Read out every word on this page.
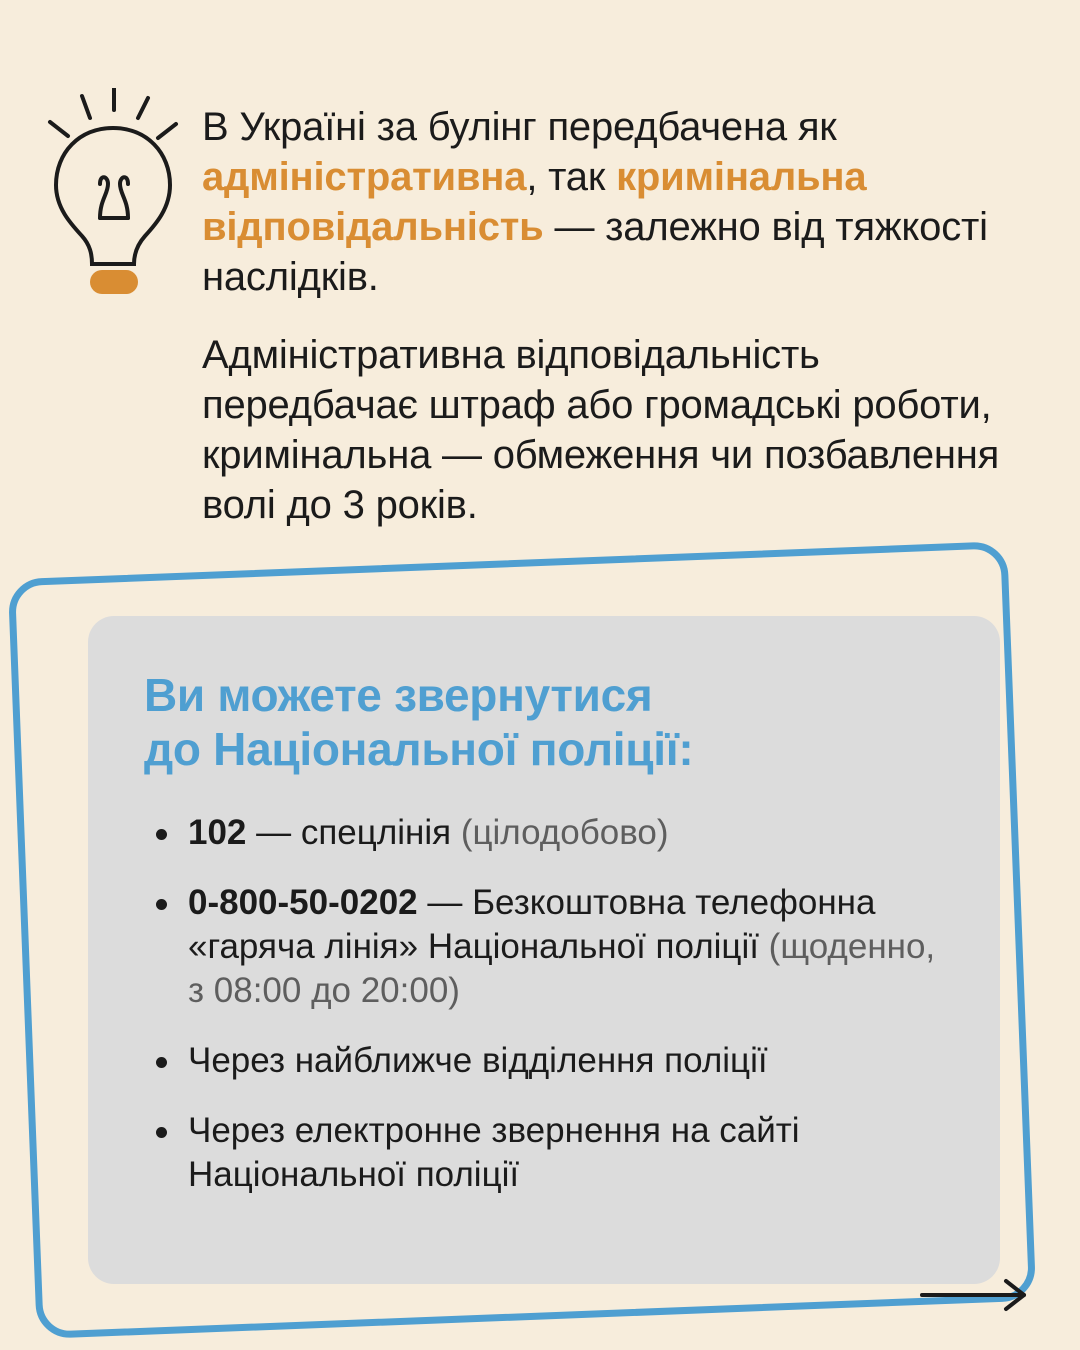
В Україні за булінг передбачена як адміністративна, так кримінальна відповідальність — залежно від тяжкості наслідків.

Адміністративна відповідальність передбачає штраф або громадські роботи, кримінальна — обмеження чи позбавлення волі до 3 років.

Ви можете звернутися
до Національної поліції:
102 — спецлінія (цілодобово)
0-800-50-0202 — Безкоштовна телефонна «гаряча лінія» Національної поліції (щоденно, з 08:00 до 20:00)
Через найближче відділення поліції
Через електронне звернення на сайті Національної поліції
